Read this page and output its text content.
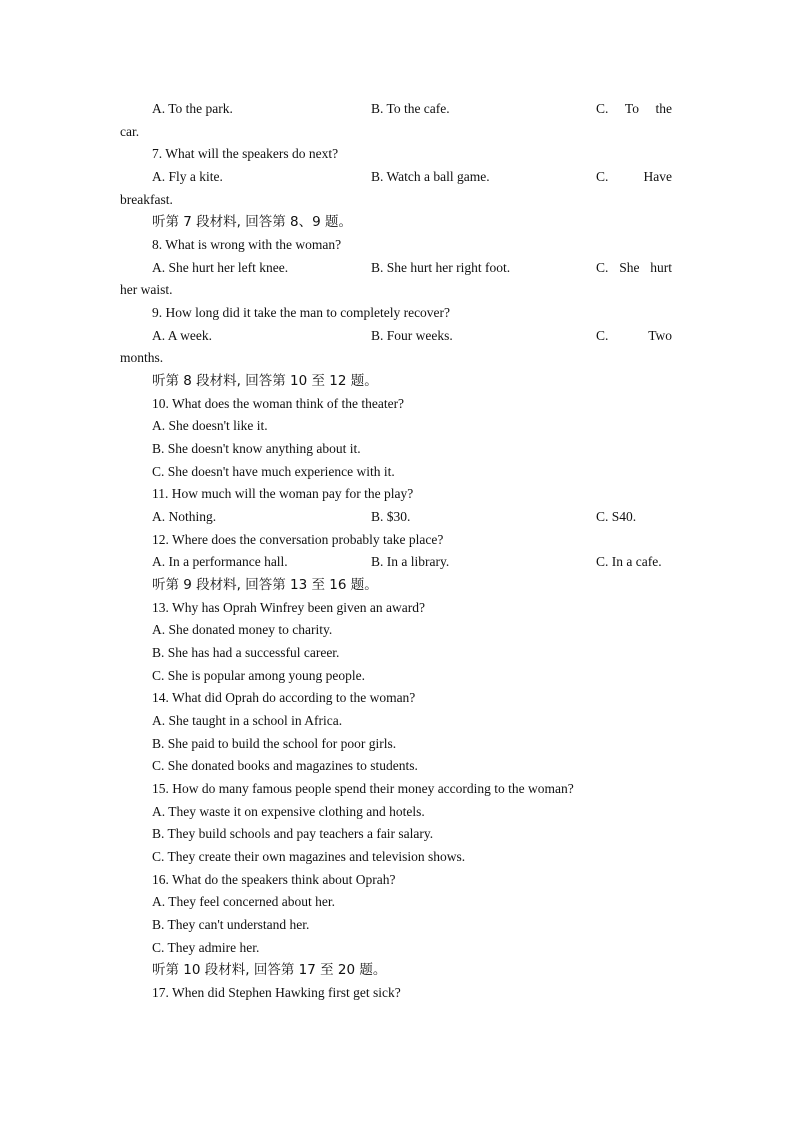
A. To the park.	B. To the cafe.	C. To the
car.
7. What will the speakers do next?
A. Fly a kite.	B. Watch a ball game.	C.	Have
breakfast.
听第 7 段材料, 回答第 8、9 题。
8. What is wrong with the woman?
A. She hurt her left knee.	B. She hurt her right foot.	C. She hurt
her waist.
9. How long did it take the man to completely recover?
A. A week.	B. Four weeks.	C.	Two
months.
听第 8 段材料, 回答第 10 至 12 题。
10. What does the woman think of the theater?
A. She doesn't like it.
B. She doesn't know anything about it.
C. She doesn't have much experience with it.
11. How much will the woman pay for the play?
A. Nothing.	B. $30.	C. S40.
12. Where does the conversation probably take place?
A. In a performance hall.	B. In a library.	C. In a cafe.
听第 9 段材料, 回答第 13 至 16 题。
13. Why has Oprah Winfrey been given an award?
A. She donated money to charity.
B. She has had a successful career.
C. She is popular among young people.
14. What did Oprah do according to the woman?
A. She taught in a school in Africa.
B. She paid to build the school for poor girls.
C. She donated books and magazines to students.
15. How do many famous people spend their money according to the woman?
A. They waste it on expensive clothing and hotels.
B. They build schools and pay teachers a fair salary.
C. They create their own magazines and television shows.
16. What do the speakers think about Oprah?
A. They feel concerned about her.
B. They can't understand her.
C. They admire her.
听第 10 段材料, 回答第 17 至 20 题。
17. When did Stephen Hawking first get sick?
